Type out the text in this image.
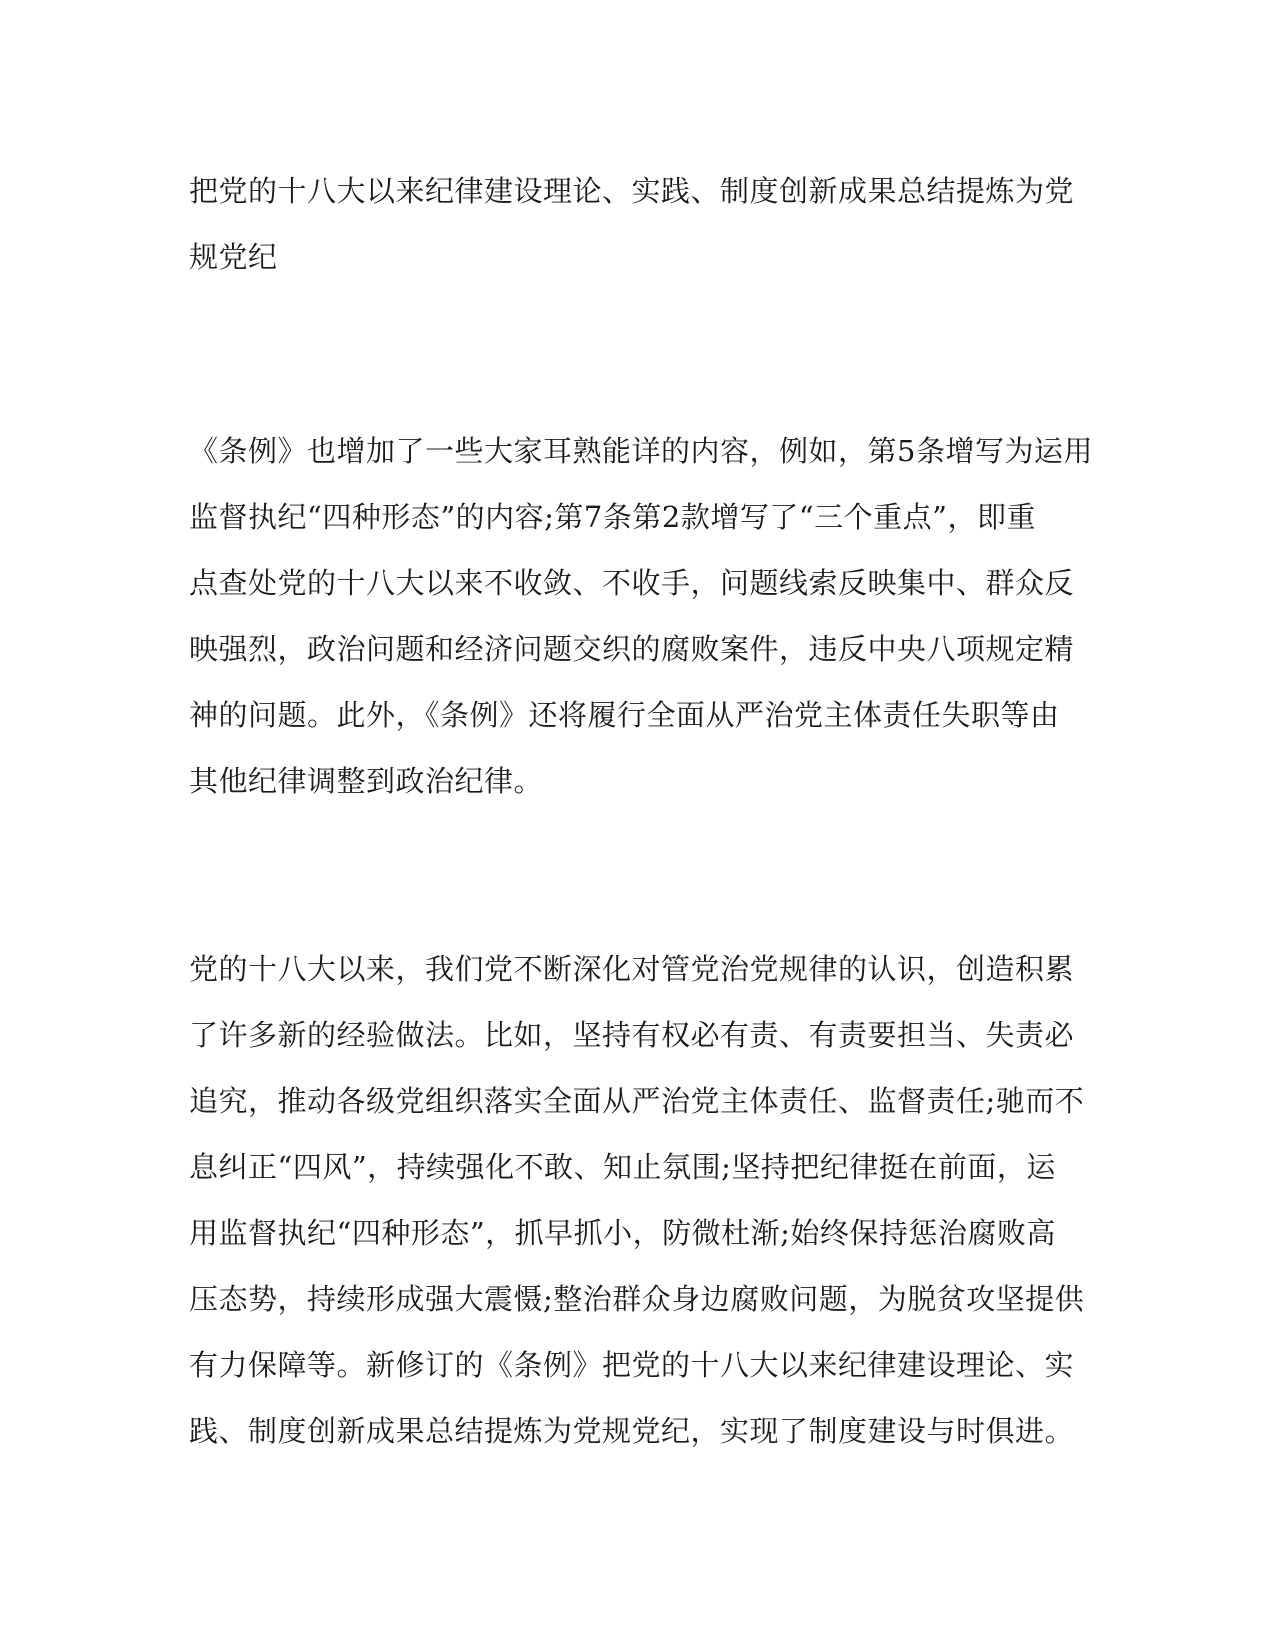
把党的十八大以来纪律建设理论、实践、制度创新成果总结提炼为党
规党纪
《条例》也增加了一些大家耳熟能详的内容，例如，第5条增写为运用
监督执纪“四种形态”的内容;第7条第2款增写了“三个重点”，即重
点查处党的十八大以来不收敛、不收手，问题线索反映集中、群众反
映强烈，政治问题和经济问题交织的腐败案件，违反中央八项规定精
神的问题。此外，《条例》还将履行全面从严治党主体责任失职等由
其他纪律调整到政治纪律。
党的十八大以来，我们党不断深化对管党治党规律的认识，创造积累
了许多新的经验做法。比如，坚持有权必有责、有责要担当、失责必
追究，推动各级党组织落实全面从严治党主体责任、监督责任;驰而不
息纠正“四风”，持续强化不敢、知止氛围;坚持把纪律挺在前面，运
用监督执纪“四种形态”，抓早抓小，防微杜渐;始终保持惩治腐败高
压态势，持续形成强大震慑;整治群众身边腐败问题，为脱贫攻坚提供
有力保障等。新修订的《条例》把党的十八大以来纪律建设理论、实
践、制度创新成果总结提炼为党规党纪，实现了制度建设与时俱进。
